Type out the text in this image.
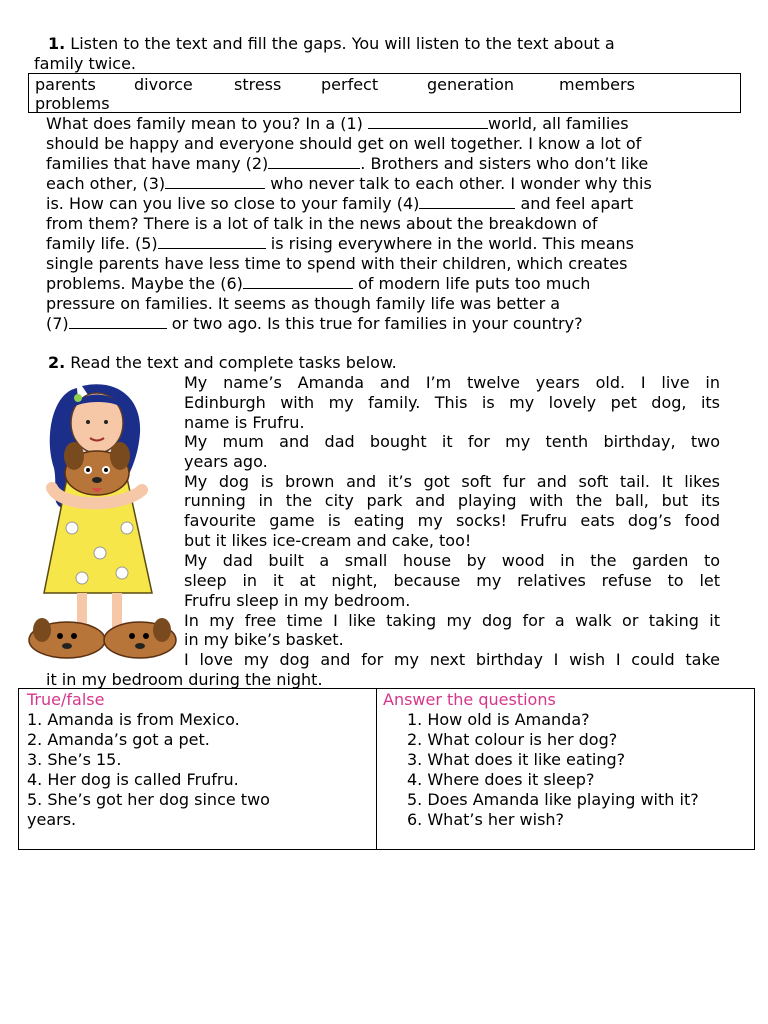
1. Listen to the text and fill the gaps. You will listen to the text about a
family twice.
parents divorce	stress perfect	generation	members
problems
What does family mean to you? In a (1)	world, all families
should be happy and everyone should get on well together. I know a lot of
families that have many (2)	. Brothers and sisters who don’t like
each other, (3)	who never talk to each other. I wonder why this
is. How can you live so close to your family (4)	and feel apart
from them? There is a lot of talk in the news about the breakdown of
family life. (5)	is rising everywhere in the world. This means
single parents have less time to spend with their children, which creates
problems. Maybe the (6)	of modern life puts too much
pressure on families. It seems as though family life was better a
(7)	or two ago. Is this true for families in your country?
2. Read the text and complete tasks below.
My name’s Amanda and I’m twelve years old. I live in
Edinburgh with my family. This is my lovely pet dog, its
name is Frufru.
My mum and dad bought it for my tenth birthday, two
years ago.
My dog is brown and it’s got soft fur and soft tail. It likes
running in the city park and playing with the ball, but its
favourite game is eating my socks! Frufru eats dog’s food
but it likes ice-cream and cake, too!
My dad built a small house by wood in the garden to
sleep in it at night, because my relatives refuse to let
Frufru sleep in my bedroom.
In my free time I like taking my dog for a walk or taking it
in my bike’s basket.
I love my dog and for my next birthday I wish I could take
it in my bedroom during the night.
True/false
1. Amanda is from Mexico.
2. Amanda’s got a pet.
3. She’s 15.
4. Her dog is called Frufru.
5. She’s got her dog since two
years.
Answer the questions
1. How old is Amanda?
2. What colour is her dog?
3. What does it like eating?
4. Where does it sleep?
5. Does Amanda like playing with it?
6. What’s her wish?
